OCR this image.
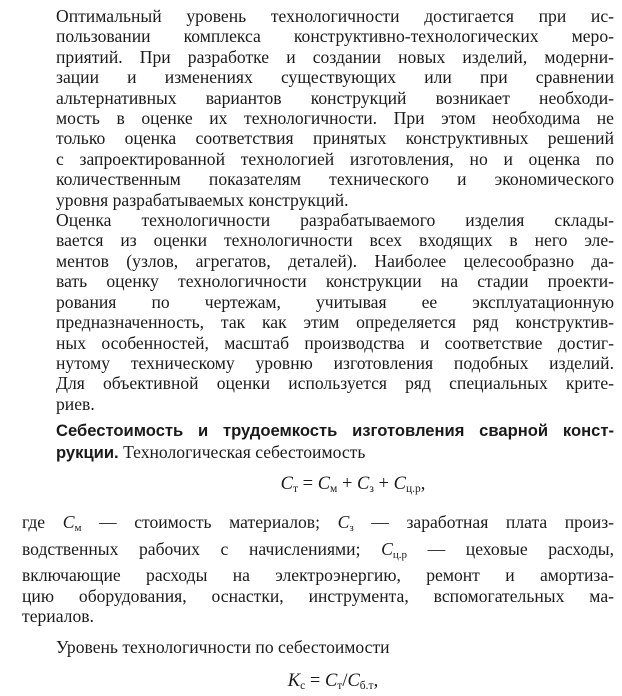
Оптимальный уровень технологичности достигается при ис-
пользовании комплекса конструктивно-технологических меро-
приятий. При разработке и создании новых изделий, модерни-
зации и изменениях существующих или при сравнении
альтернативных вариантов конструкций возникает необходи-
мость в оценке их технологичности. При этом необходима не
только оценка соответствия принятых конструктивных решений
с запроектированной технологией изготовления, но и оценка по
количественным показателям технического и экономического
уровня разрабатываемых конструкций.
Оценка технологичности разрабатываемого изделия склады-
вается из оценки технологичности всех входящих в него эле-
ментов (узлов, агрегатов, деталей). Наиболее целесообразно да-
вать оценку технологичности конструкции на стадии проекти-
рования по чертежам, учитывая ее эксплуатационную
предназначенность, так как этим определяется ряд конструктив-
ных особенностей, масштаб производства и соответствие достиг-
нутому техническому уровню изготовления подобных изделий.
Для объективной оценки используется ряд специальных крите-
риев.
Себестоимость и трудоемкость изготовления сварной конст-
рукции. Технологическая себестоимость
$C_т = C_м + C_з + C_{ц.р}$,
где $C_м$ — стоимость материалов; $C_з$ — заработная плата произ-
водственных рабочих с начислениями; $C_{ц.р}$ — цеховые расходы,
включающие расходы на электроэнергию, ремонт и амортиза-
цию оборудования, оснастки, инструмента, вспомогательных ма-
териалов.
Уровень технологичности по себестоимости
$K_c = C_т/C_{б.т}$,
